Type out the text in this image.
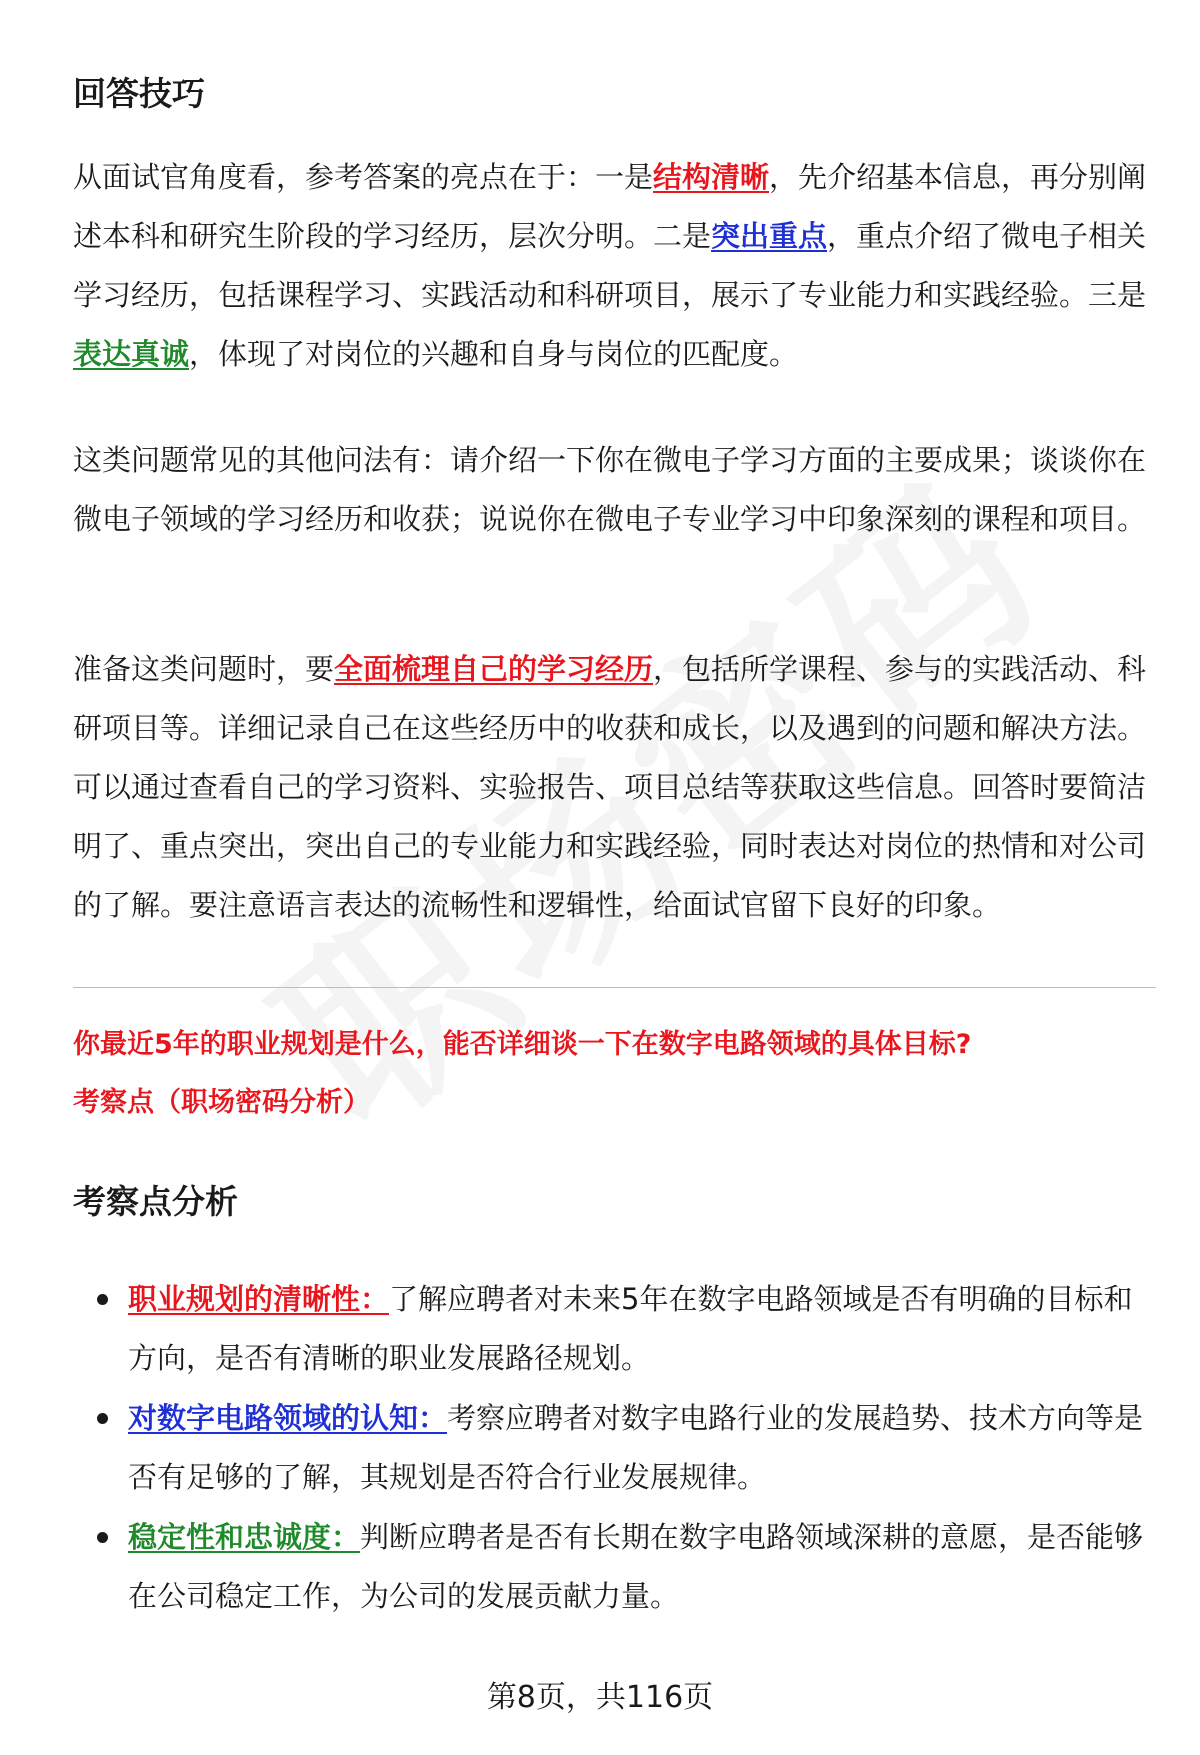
回答技巧

从面试官角度看，参考答案的亮点在于：一是结构清晰，先介绍基本信息，再分别阐述本科和研究生阶段的学习经历，层次分明。二是突出重点，重点介绍了微电子相关学习经历，包括课程学习、实践活动和科研项目，展示了专业能力和实践经验。三是表达真诚，体现了对岗位的兴趣和自身与岗位的匹配度。

这类问题常见的其他问法有：请介绍一下你在微电子学习方面的主要成果；谈谈你在微电子领域的学习经历和收获；说说你在微电子专业学习中印象深刻的课程和项目。

准备这类问题时，要全面梳理自己的学习经历，包括所学课程、参与的实践活动、科研项目等。详细记录自己在这些经历中的收获和成长，以及遇到的问题和解决方法。可以通过查看自己的学习资料、实验报告、项目总结等获取这些信息。回答时要简洁明了、重点突出，突出自己的专业能力和实践经验，同时表达对岗位的热情和对公司的了解。要注意语言表达的流畅性和逻辑性，给面试官留下良好的印象。

你最近5年的职业规划是什么，能否详细谈一下在数字电路领域的具体目标?
考察点（职场密码分析）
考察点分析
职业规划的清晰性：了解应聘者对未来5年在数字电路领域是否有明确的目标和方向，是否有清晰的职业发展路径规划。
对数字电路领域的认知：考察应聘者对数字电路行业的发展趋势、技术方向等是否有足够的了解，其规划是否符合行业发展规律。
稳定性和忠诚度：判断应聘者是否有长期在数字电路领域深耕的意愿，是否能够在公司稳定工作，为公司的发展贡献力量。
第8页，共116页
